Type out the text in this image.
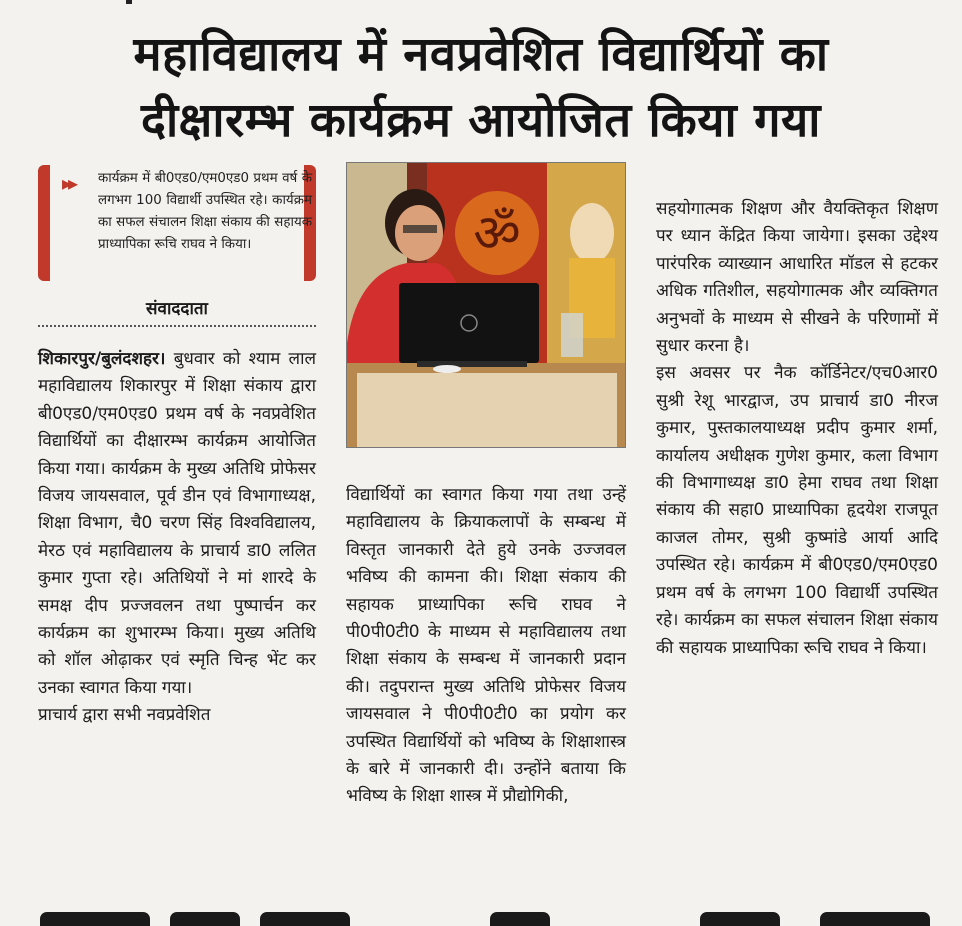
महाविद्यालय में नवप्रवेशित विद्यार्थियों का
दीक्षारम्भ कार्यक्रम आयोजित किया गया
▸▸ कार्यक्रम में बी0एड0/एम0एड0 प्रथम वर्ष के लगभग 100 विद्यार्थी उपस्थित रहे। कार्यक्रम का सफल संचालन शिक्षा संकाय की सहायक प्राध्यापिका रूचि राघव ने किया।

संवाददाता
शिकारपुर/बुलंदशहर। बुधवार को श्याम लाल महाविद्यालय शिकारपुर में शिक्षा संकाय द्वारा बी0एड0/एम0एड0 प्रथम वर्ष के नवप्रवेशित विद्यार्थियों का दीक्षारम्भ कार्यक्रम आयोजित किया गया। कार्यक्रम के मुख्य अतिथि प्रोफेसर विजय जायसवाल, पूर्व डीन एवं विभागाध्यक्ष, शिक्षा विभाग, चै0 चरण सिंह विश्वविद्यालय, मेरठ एवं महाविद्यालय के प्राचार्य डा0 ललित कुमार गुप्ता रहे। अतिथियों ने मां शारदे के समक्ष दीप प्रज्जवलन तथा पुष्पार्चन कर कार्यक्रम का शुभारम्भ किया। मुख्य अतिथि को शॉल ओढ़ाकर एवं स्मृति चिन्ह भेंट कर उनका स्वागत किया गया।
प्राचार्य द्वारा सभी नवप्रवेशित
ॐ
विद्यार्थियों का स्वागत किया गया तथा उन्हें महाविद्यालय के क्रियाकलापों के सम्बन्ध में विस्तृत जानकारी देते हुये उनके उज्जवल भविष्य की कामना की। शिक्षा संकाय की सहायक प्राध्यापिका रूचि राघव ने पी0पी0टी0 के माध्यम से महाविद्यालय तथा शिक्षा संकाय के सम्बन्ध में जानकारी प्रदान की। तदुपरान्त मुख्य अतिथि प्रोफेसर विजय जायसवाल ने पी0पी0टी0 का प्रयोग कर उपस्थित विद्यार्थियों को भविष्य के शिक्षाशास्त्र के बारे में जानकारी दी। उन्होंने बताया कि भविष्य के शिक्षा शास्त्र में प्रौद्योगिकी,
सहयोगात्मक शिक्षण और वैयक्तिकृत शिक्षण पर ध्यान केंद्रित किया जायेगा। इसका उद्देश्य पारंपरिक व्याख्यान आधारित मॉडल से हटकर अधिक गतिशील, सहयोगात्मक और व्यक्तिगत अनुभवों के माध्यम से सीखने के परिणामों में सुधार करना है।
इस अवसर पर नैक कॉर्डिनेटर/एच0आर0 सुश्री रेशू भारद्वाज, उप प्राचार्य डा0 नीरज कुमार, पुस्तकालयाध्यक्ष प्रदीप कुमार शर्मा, कार्यालय अधीक्षक गुणेश कुमार, कला विभाग की विभागाध्यक्ष डा0 हेमा राघव तथा शिक्षा संकाय की सहा0 प्राध्यापिका हृदयेश राजपूत काजल तोमर, सुश्री कुष्मांडे आर्या आदि उपस्थित रहे। कार्यक्रम में बी0एड0/एम0एड0 प्रथम वर्ष के लगभग 100 विद्यार्थी उपस्थित रहे। कार्यक्रम का सफल संचालन शिक्षा संकाय की सहायक प्राध्यापिका रूचि राघव ने किया।
